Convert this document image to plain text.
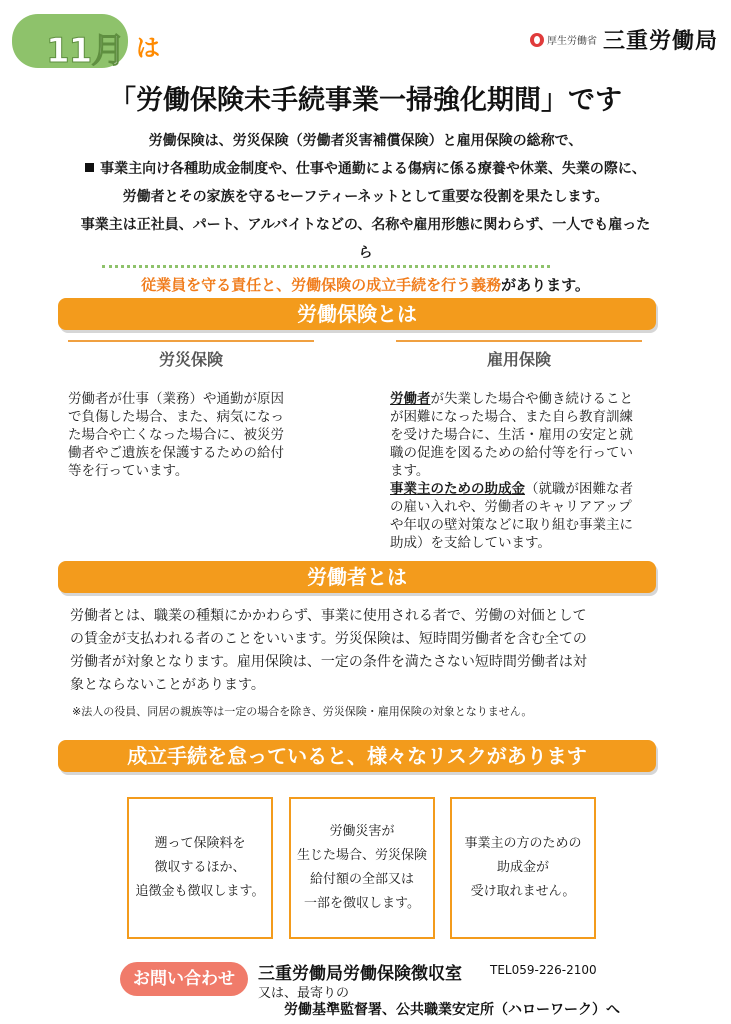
11月 は	厚生労働省 三重労働局
「労働保険未手続事業一掃強化期間」です
労働保険は、労災保険（労働者災害補償保険）と雇用保険の総称で、
事業主向け各種助成金制度や、仕事や通勤による傷病に係る療養や休業、失業の際に、
労働者とその家族を守るセーフティーネットとして重要な役割を果たします。
事業主は正社員、パート、アルバイトなどの、名称や雇用形態に関わらず、一人でも雇った
ら
従業員を守る責任と、労働保険の成立手続を行う義務があります。
労働保険とは
労災保険	雇用保険
労働者が仕事（業務）や通勤が原因
で負傷した場合、また、病気になっ
た場合や亡くなった場合に、被災労
働者やご遺族を保護するための給付
等を行っています。
労働者が失業した場合や働き続けること
が困難になった場合、また自ら教育訓練
を受けた場合に、生活・雇用の安定と就
職の促進を図るための給付等を行ってい
ます。
事業主のための助成金（就職が困難な者
の雇い入れや、労働者のキャリアアップ
や年収の壁対策などに取り組む事業主に
助成）を支給しています。
労働者とは
労働者とは、職業の種類にかかわらず、事業に使用される者で、労働の対価として
の賃金が支払われる者のことをいいます。労災保険は、短時間労働者を含む全ての
労働者が対象となります。雇用保険は、一定の条件を満たさない短時間労働者は対
象とならないことがあります。
※法人の役員、同居の親族等は一定の場合を除き、労災保険・雇用保険の対象となりません。
成立手続を怠っていると、様々なリスクがあります
遡って保険料を
徴収するほか、
追徴金も徴収します。
労働災害が
生じた場合、労災保険
給付額の全部又は
一部を徴収します。
事業主の方のための
助成金が
受け取れません。
お問い合わせ	三重労働局労働保険徴収室 TEL059-226-2100
又は、最寄りの
労働基準監督署、公共職業安定所（ハローワーク）へ
